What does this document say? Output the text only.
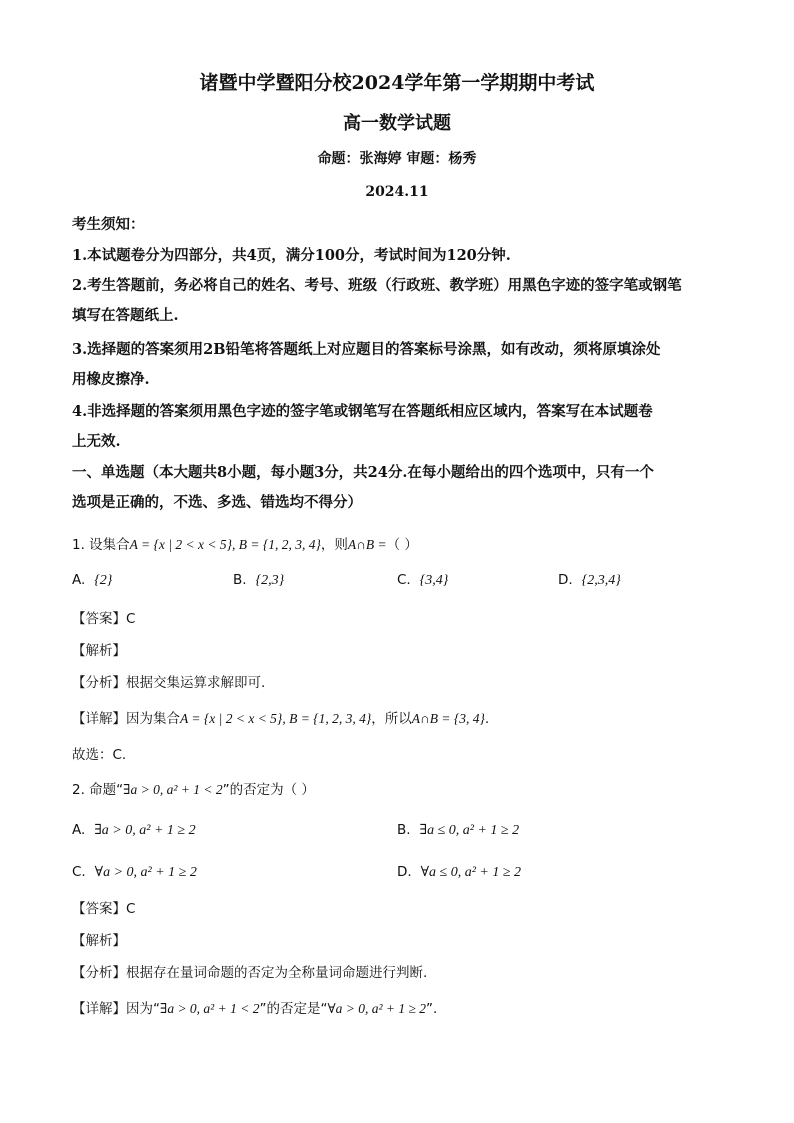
诸暨中学暨阳分校2024学年第一学期期中考试
高一数学试题
命题：张海婷 审题：杨秀
2024.11
考生须知：
1.本试题卷分为四部分，共4页，满分100分，考试时间为120分钟.
2.考生答题前，务必将自己的姓名、考号、班级（行政班、教学班）用黑色字迹的签字笔或钢笔
填写在答题纸上.
3.选择题的答案须用2B铅笔将答题纸上对应题目的答案标号涂黑，如有改动，须将原填涂处
用橡皮擦净.
4.非选择题的答案须用黑色字迹的签字笔或钢笔写在答题纸相应区域内，答案写在本试题卷
上无效.
一、单选题（本大题共8小题，每小题3分，共24分.在每小题给出的四个选项中，只有一个
选项是正确的，不选、多选、错选均不得分）
1. 设集合A = {x | 2 < x < 5}, B = {1, 2, 3, 4}，则A∩B =（ ）
A. {2}	B. {2,3}	C. {3,4}	D. {2,3,4}
【答案】C
【解析】
【分析】根据交集运算求解即可.
【详解】因为集合A = {x | 2 < x < 5}, B = {1, 2, 3, 4}，所以A∩B = {3, 4}.
故选：C.
2. 命题“∃a > 0, a² + 1 < 2”的否定为（ ）
A. ∃a > 0, a² + 1 ≥ 2	B. ∃a ≤ 0, a² + 1 ≥ 2
C. ∀a > 0, a² + 1 ≥ 2	D. ∀a ≤ 0, a² + 1 ≥ 2
【答案】C
【解析】
【分析】根据存在量词命题的否定为全称量词命题进行判断.
【详解】因为“∃a > 0, a² + 1 < 2”的否定是“∀a > 0, a² + 1 ≥ 2”.
